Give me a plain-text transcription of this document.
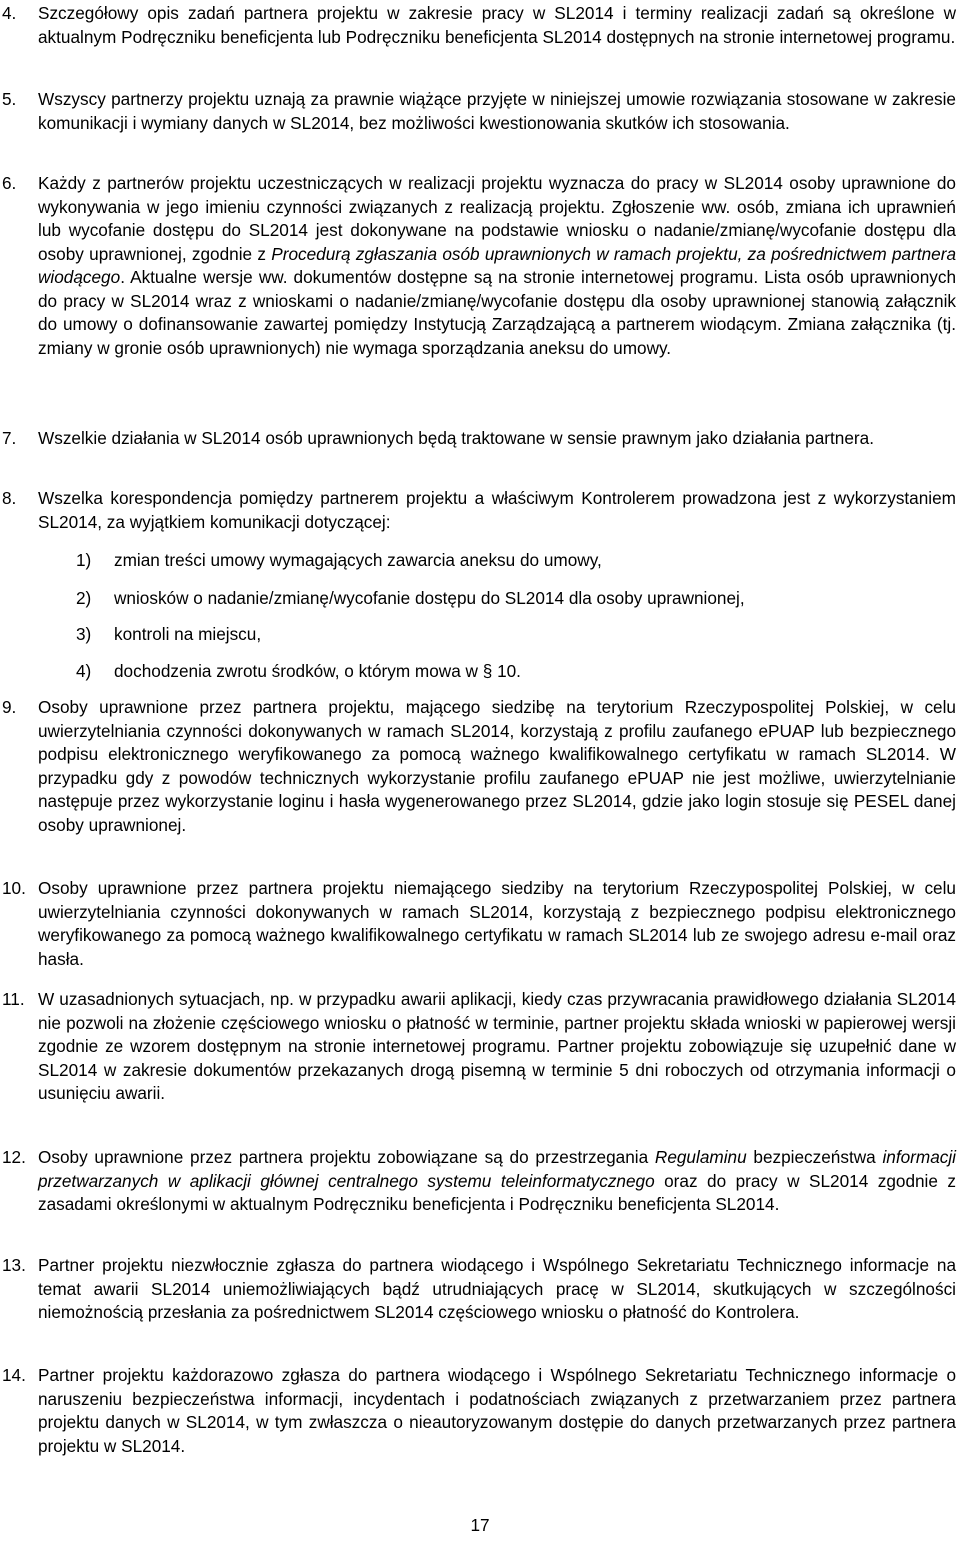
4. Szczegółowy opis zadań partnera projektu w zakresie pracy w SL2014 i terminy realizacji zadań są określone w aktualnym Podręczniku beneficjenta lub Podręczniku beneficjenta SL2014 dostępnych na stronie internetowej programu.
5. Wszyscy partnerzy projektu uznają za prawnie wiążące przyjęte w niniejszej umowie rozwiązania stosowane w zakresie komunikacji i wymiany danych w SL2014, bez możliwości kwestionowania skutków ich stosowania.
6. Każdy z partnerów projektu uczestniczących w realizacji projektu wyznacza do pracy w SL2014 osoby uprawnione do wykonywania w jego imieniu czynności związanych z realizacją projektu. Zgłoszenie ww. osób, zmiana ich uprawnień lub wycofanie dostępu do SL2014 jest dokonywane na podstawie wniosku o nadanie/zmianę/wycofanie dostępu dla osoby uprawnionej, zgodnie z Procedurą zgłaszania osób uprawnionych w ramach projektu, za pośrednictwem partnera wiodącego. Aktualne wersje ww. dokumentów dostępne są na stronie internetowej programu. Lista osób uprawnionych do pracy w SL2014 wraz z wnioskami o nadanie/zmianę/wycofanie dostępu dla osoby uprawnionej stanowią załącznik do umowy o dofinansowanie zawartej pomiędzy Instytucją Zarządzającą a partnerem wiodącym. Zmiana załącznika (tj. zmiany w gronie osób uprawnionych) nie wymaga sporządzania aneksu do umowy.
7. Wszelkie działania w SL2014 osób uprawnionych będą traktowane w sensie prawnym jako działania partnera.
8. Wszelka korespondencja pomiędzy partnerem projektu a właściwym Kontrolerem prowadzona jest z wykorzystaniem SL2014, za wyjątkiem komunikacji dotyczącej:
1) zmian treści umowy wymagających zawarcia aneksu do umowy,
2) wniosków o nadanie/zmianę/wycofanie dostępu do SL2014 dla osoby uprawnionej,
3) kontroli na miejscu,
4) dochodzenia zwrotu środków, o którym mowa w § 10.
9. Osoby uprawnione przez partnera projektu, mającego siedzibę na terytorium Rzeczypospolitej Polskiej, w celu uwierzytelniania czynności dokonywanych w ramach SL2014, korzystają z profilu zaufanego ePUAP lub bezpiecznego podpisu elektronicznego weryfikowanego za pomocą ważnego kwalifikowalnego certyfikatu w ramach SL2014. W przypadku gdy z powodów technicznych wykorzystanie profilu zaufanego ePUAP nie jest możliwe, uwierzytelnianie następuje przez wykorzystanie loginu i hasła wygenerowanego przez SL2014, gdzie jako login stosuje się PESEL danej osoby uprawnionej.
10. Osoby uprawnione przez partnera projektu niemającego siedziby na terytorium Rzeczypospolitej Polskiej, w celu uwierzytelniania czynności dokonywanych w ramach SL2014, korzystają z bezpiecznego podpisu elektronicznego weryfikowanego za pomocą ważnego kwalifikowalnego certyfikatu w ramach SL2014 lub ze swojego adresu e-mail oraz hasła.
11. W uzasadnionych sytuacjach, np. w przypadku awarii aplikacji, kiedy czas przywracania prawidłowego działania SL2014 nie pozwoli na złożenie częściowego wniosku o płatność w terminie, partner projektu składa wnioski w papierowej wersji zgodnie ze wzorem dostępnym na stronie internetowej programu. Partner projektu zobowiązuje się uzupełnić dane w SL2014 w zakresie dokumentów przekazanych drogą pisemną w terminie 5 dni roboczych od otrzymania informacji o usunięciu awarii.
12. Osoby uprawnione przez partnera projektu zobowiązane są do przestrzegania Regulaminu bezpieczeństwa informacji przetwarzanych w aplikacji głównej centralnego systemu teleinformatycznego oraz do pracy w SL2014 zgodnie z zasadami określonymi w aktualnym Podręczniku beneficjenta i Podręczniku beneficjenta SL2014.
13. Partner projektu niezwłocznie zgłasza do partnera wiodącego i Wspólnego Sekretariatu Technicznego informacje na temat awarii SL2014 uniemożliwiających bądź utrudniających pracę w SL2014, skutkujących w szczególności niemożnością przesłania za pośrednictwem SL2014 częściowego wniosku o płatność do Kontrolera.
14. Partner projektu każdorazowo zgłasza do partnera wiodącego i Wspólnego Sekretariatu Technicznego informacje o naruszeniu bezpieczeństwa informacji, incydentach i podatnościach związanych z przetwarzaniem przez partnera projektu danych w SL2014, w tym zwłaszcza o nieautoryzowanym dostępie do danych przetwarzanych przez partnera projektu w SL2014.
17
